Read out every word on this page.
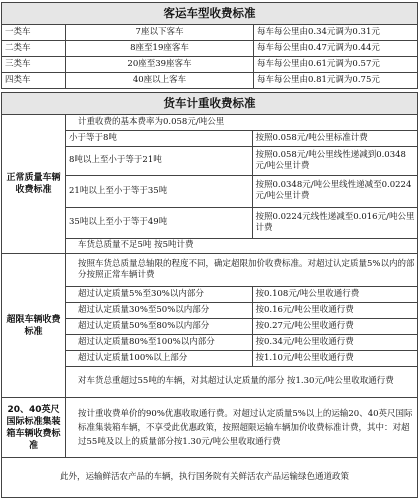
客运车型收费标准		
一类车	7座以下客车	每车每公里由0.34元调为0.31元
二类车	8座至19座客车	每车每公里由0.47元调为0.44元
三类车	20座至39座客车	每车每公里由0.61元调为0.57元
四类车	40座以上客车	每车每公里由0.81元调为0.75元
货车计重收费标准
正常质量车辆收费标准	
计重收费的基本费率为0.058元/吨公里
小于等于8吨	按照0.058元/吨公里标准计费
8吨以上至小于等于21吨	按照0.058元/吨公里线性递减到0.0348元/吨公里计费
21吨以上至小于等于35吨	按照0.0348元/吨公里线性递减至0.0224元/吨公里计费
35吨以上至小于等于49吨	按照0.0224元线性递减至0.016元/吨公里计费
车货总质量不足5吨 按5吨计费

超限车辆收费标准	
按照车货总质量总轴限的程度不同，确定超限加价收费标准。对超过认定质量5%以内的部分按照正常车辆计费
超过认定质量5%至30%以内部分	按0.108元/吨公里收通行费
超过认定质量30%至50%以内部分	按0.16元/吨公里收通行费
超过认定质量50%至80%以内部分	按0.27元/吨公里收通行费
超过认定质量80%至100%以内部分	按0.34元/吨公里收通行费
超过认定质量100%以上部分	按1.10元/吨公里收通行费
对车货总重超过55吨的车辆，对其超过认定质量的部分 按1.30元/吨公里收取通行费

20、40英尺国际标准集装箱车辆收费标准	按计重收费单价的90%优惠收取通行费。对超过认定质量5%以上的运输20、40英尺国际标准集装箱车辆，不享受此优惠政策，按照超限运输车辆加价收费标准计费，其中：对超过55吨及以上的质量部分按1.30元/吨公里收取通行费
此外，运输鲜活农产品的车辆，执行国务院有关鲜活农产品运输绿色通道政策
